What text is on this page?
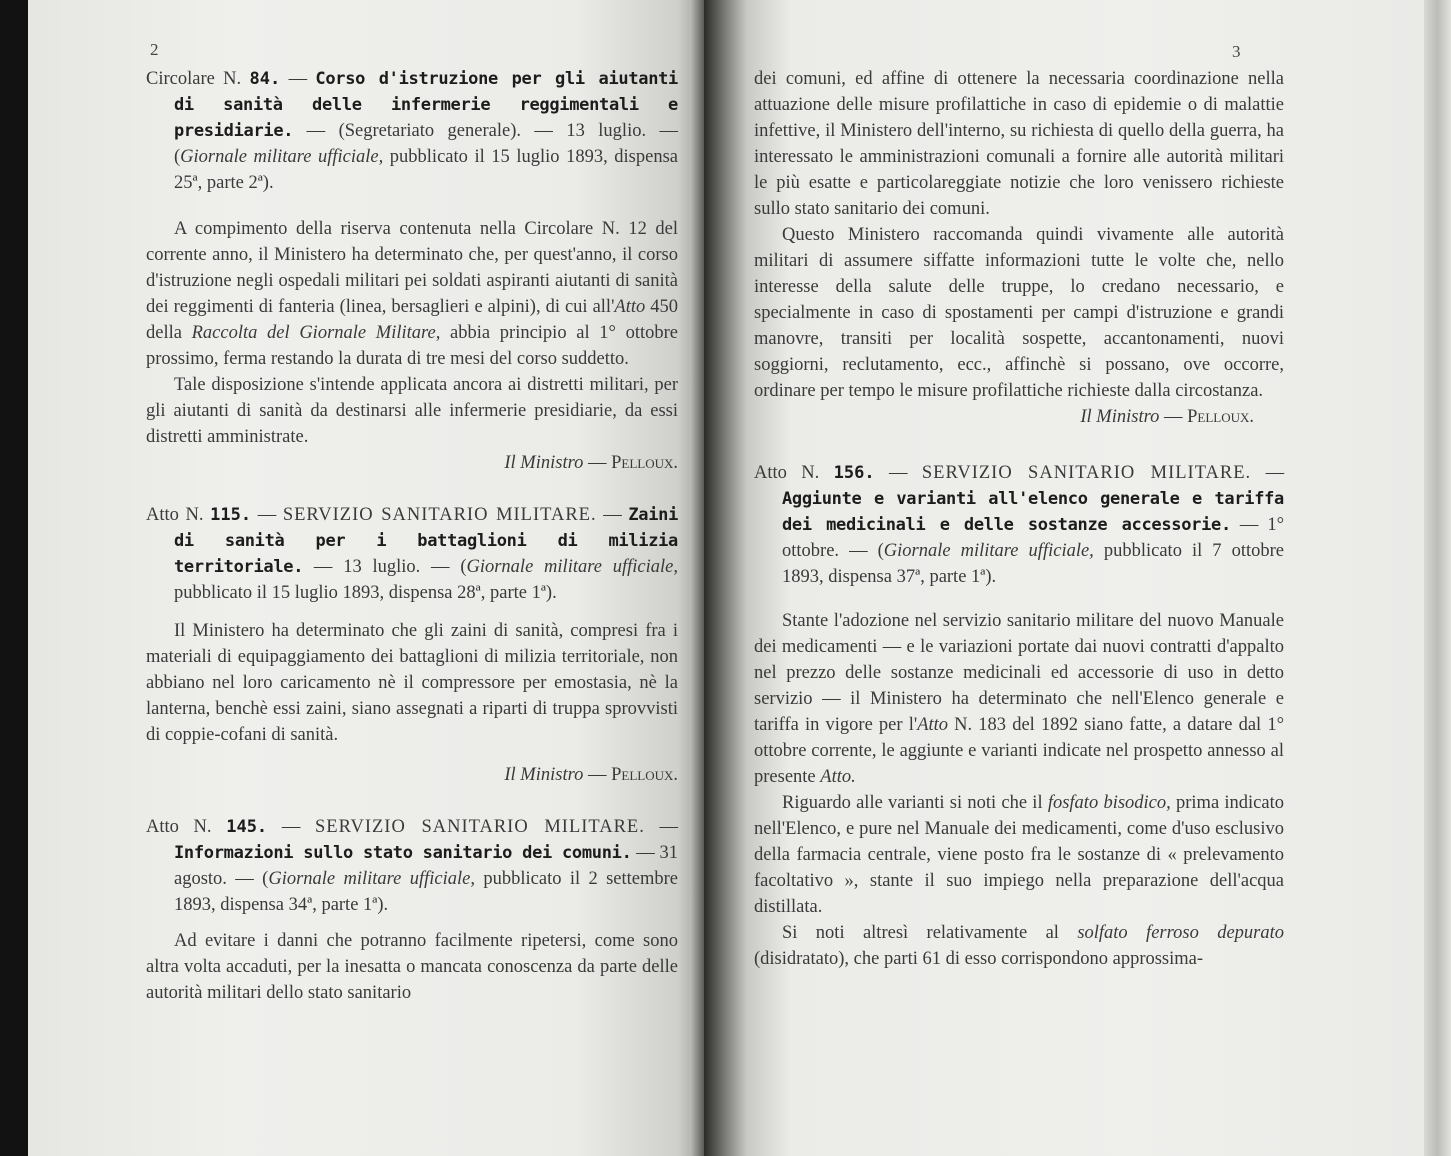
2

Circolare N. 84. — Corso d'istruzione per gli aiutanti di sanità delle infermerie reggimentali e presidiarie. — (Segretariato generale). — 13 luglio. — (Giornale militare ufficiale, pubblicato il 15 luglio 1893, dispensa 25ª, parte 2ª).

A compimento della riserva contenuta nella Circolare N. 12 del corrente anno, il Ministero ha determinato che, per quest'anno, il corso d'istruzione negli ospedali militari pei soldati aspiranti aiutanti di sanità dei reggimenti di fanteria (linea, bersaglieri e alpini), di cui all'Atto 450 della Raccolta del Giornale Militare, abbia principio al 1° ottobre prossimo, ferma restando la durata di tre mesi del corso suddetto.

Tale disposizione s'intende applicata ancora ai distretti militari, per gli aiutanti di sanità da destinarsi alle infermerie presidiarie, da essi distretti amministrate.

Il Ministro — Pelloux.

Atto N. 115. — SERVIZIO SANITARIO MILITARE. — Zaini di sanità per i battaglioni di milizia territoriale. — 13 luglio. — (Giornale militare ufficiale, pubblicato il 15 luglio 1893, dispensa 28ª, parte 1ª).

Il Ministero ha determinato che gli zaini di sanità, compresi fra i materiali di equipaggiamento dei battaglioni di milizia territoriale, non abbiano nel loro caricamento nè il compressore per emostasia, nè la lanterna, benchè essi zaini, siano assegnati a riparti di truppa sprovvisti di coppie-cofani di sanità.

Il Ministro — Pelloux.

Atto N. 145. — SERVIZIO SANITARIO MILITARE. — Informazioni sullo stato sanitario dei comuni. — 31 agosto. — (Giornale militare ufficiale, pubblicato il 2 settembre 1893, dispensa 34ª, parte 1ª).

Ad evitare i danni che potranno facilmente ripetersi, come sono altra volta accaduti, per la inesatta o mancata conoscenza da parte delle autorità militari dello stato sanitario

3

dei comuni, ed affine di ottenere la necessaria coordinazione nella attuazione delle misure profilattiche in caso di epidemie o di malattie infettive, il Ministero dell'interno, su richiesta di quello della guerra, ha interessato le amministrazioni comunali a fornire alle autorità militari le più esatte e particolareggiate notizie che loro venissero richieste sullo stato sanitario dei comuni.

Questo Ministero raccomanda quindi vivamente alle autorità militari di assumere siffatte informazioni tutte le volte che, nello interesse della salute delle truppe, lo credano necessario, e specialmente in caso di spostamenti per campi d'istruzione e grandi manovre, transiti per località sospette, accantonamenti, nuovi soggiorni, reclutamento, ecc., affinchè si possano, ove occorre, ordinare per tempo le misure profilattiche richieste dalla circostanza.

Il Ministro — Pelloux.

Atto N. 156. — SERVIZIO SANITARIO MILITARE. — Aggiunte e varianti all'elenco generale e tariffa dei medicinali e delle sostanze accessorie. — 1° ottobre. — (Giornale militare ufficiale, pubblicato il 7 ottobre 1893, dispensa 37ª, parte 1ª).

Stante l'adozione nel servizio sanitario militare del nuovo Manuale dei medicamenti — e le variazioni portate dai nuovi contratti d'appalto nel prezzo delle sostanze medicinali ed accessorie di uso in detto servizio — il Ministero ha determinato che nell'Elenco generale e tariffa in vigore per l'Atto N. 183 del 1892 siano fatte, a datare dal 1° ottobre corrente, le aggiunte e varianti indicate nel prospetto annesso al presente Atto.

Riguardo alle varianti si noti che il fosfato bisodico, prima indicato nell'Elenco, e pure nel Manuale dei medicamenti, come d'uso esclusivo della farmacia centrale, viene posto fra le sostanze di « prelevamento facoltativo », stante il suo impiego nella preparazione dell'acqua distillata.

Si noti altresì relativamente al solfato ferroso depurato (disidratato), che parti 61 di esso corrispondono approssima-
